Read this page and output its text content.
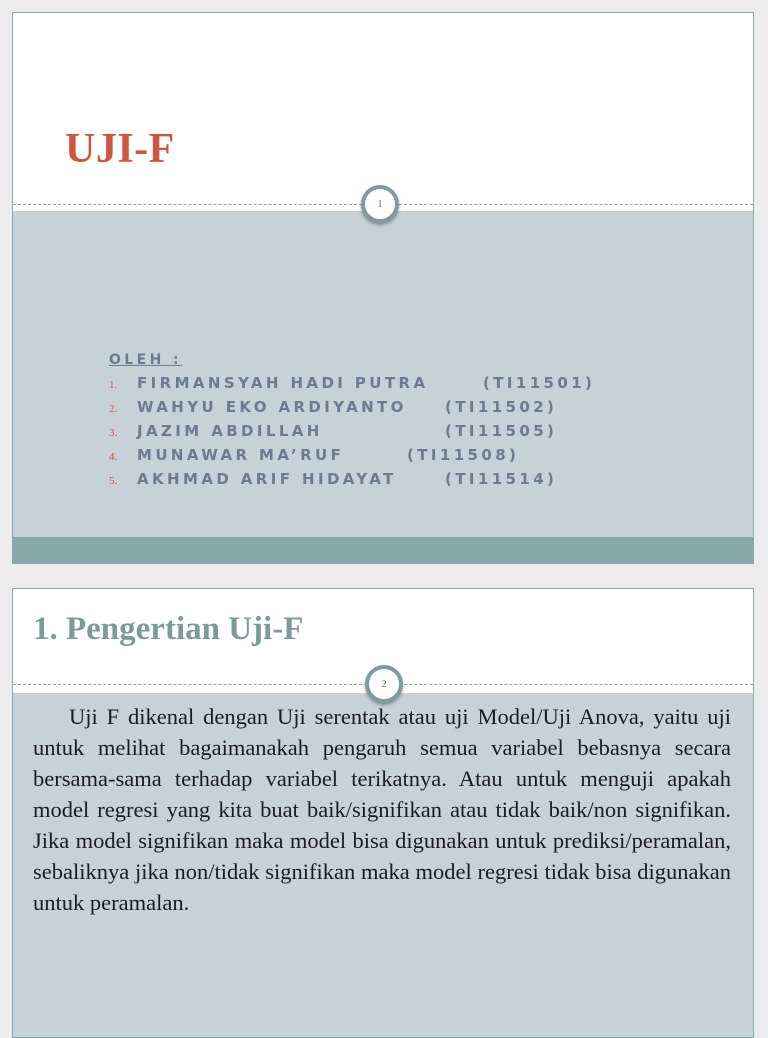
UJI-F
1
OLEH :
1. FIRMANSYAH HADI PUTRA	(TI11501)
2. WAHYU EKO ARDIYANTO	(TI11502)
3. JAZIM ABDILLAH	(TI11505)
4. MUNAWAR MA’RUF	(TI11508)
5. AKHMAD ARIF HIDAYAT	(TI11514)
1. Pengertian Uji-F
2

Uji F dikenal dengan Uji serentak atau uji Model/Uji Anova, yaitu uji untuk melihat bagaimanakah pengaruh semua variabel bebasnya secara bersama-sama terhadap variabel terikatnya. Atau untuk menguji apakah model regresi yang kita buat baik/signifikan atau tidak baik/non signifikan. Jika model signifikan maka model bisa digunakan untuk prediksi/peramalan, sebaliknya jika non/tidak signifikan maka model regresi tidak bisa digunakan untuk peramalan.
